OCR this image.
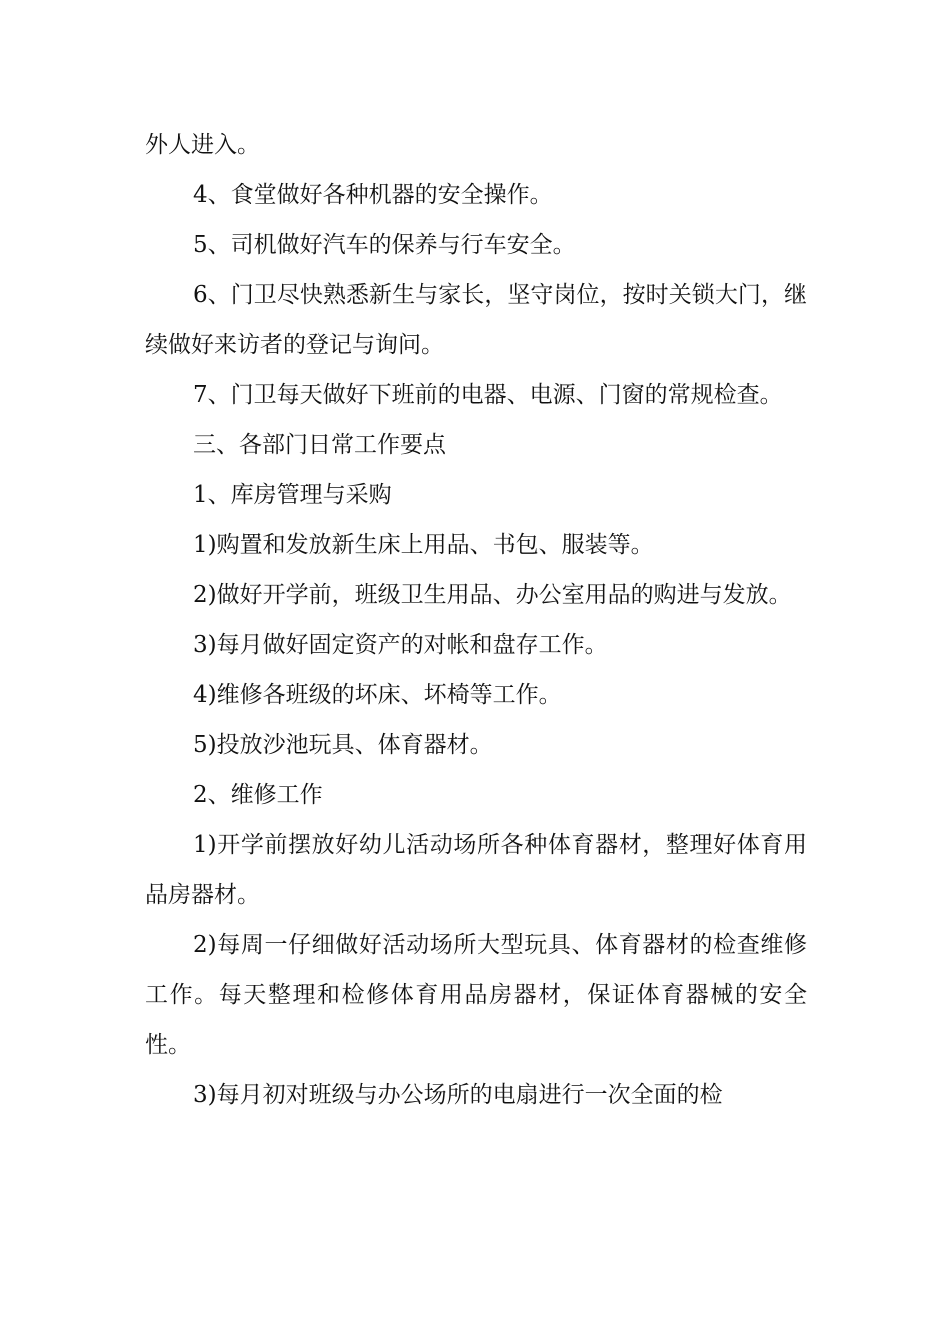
外人进入。

4、食堂做好各种机器的安全操作。

5、司机做好汽车的保养与行车安全。

6、门卫尽快熟悉新生与家长，坚守岗位，按时关锁大门，继续做好来访者的登记与询问。

7、门卫每天做好下班前的电器、电源、门窗的常规检查。

三、各部门日常工作要点

1、库房管理与采购

1)购置和发放新生床上用品、书包、服装等。

2)做好开学前，班级卫生用品、办公室用品的购进与发放。

3)每月做好固定资产的对帐和盘存工作。

4)维修各班级的坏床、坏椅等工作。

5)投放沙池玩具、体育器材。

2、维修工作

1)开学前摆放好幼儿活动场所各种体育器材，整理好体育用品房器材。

2)每周一仔细做好活动场所大型玩具、体育器材的检查维修工作。每天整理和检修体育用品房器材，保证体育器械的安全性。

3)每月初对班级与办公场所的电扇进行一次全面的检
